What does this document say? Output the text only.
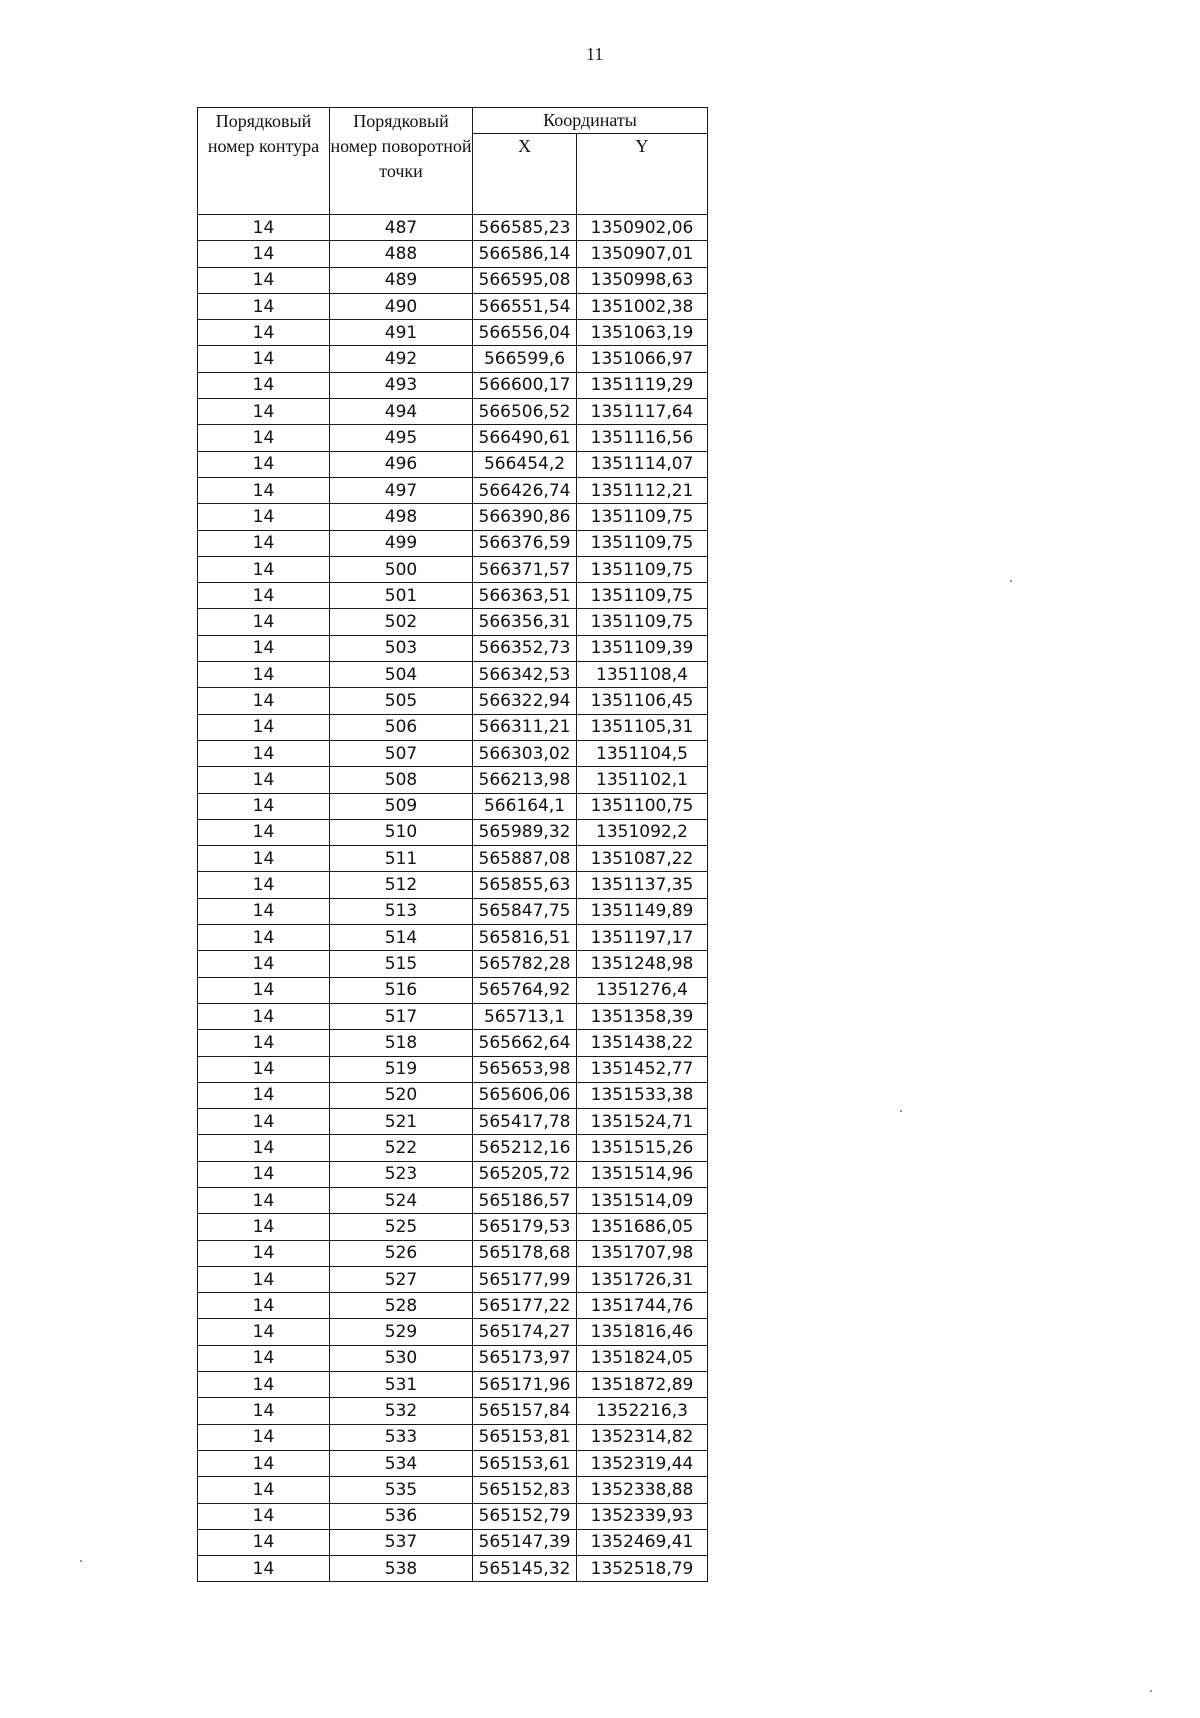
11
Порядковый номер контура	Порядковый номер поворотной точки	Координаты	
		X	Y
14	487	566585,23	1350902,06
14	488	566586,14	1350907,01
14	489	566595,08	1350998,63
14	490	566551,54	1351002,38
14	491	566556,04	1351063,19
14	492	566599,6	1351066,97
14	493	566600,17	1351119,29
14	494	566506,52	1351117,64
14	495	566490,61	1351116,56
14	496	566454,2	1351114,07
14	497	566426,74	1351112,21
14	498	566390,86	1351109,75
14	499	566376,59	1351109,75
14	500	566371,57	1351109,75
14	501	566363,51	1351109,75
14	502	566356,31	1351109,75
14	503	566352,73	1351109,39
14	504	566342,53	1351108,4
14	505	566322,94	1351106,45
14	506	566311,21	1351105,31
14	507	566303,02	1351104,5
14	508	566213,98	1351102,1
14	509	566164,1	1351100,75
14	510	565989,32	1351092,2
14	511	565887,08	1351087,22
14	512	565855,63	1351137,35
14	513	565847,75	1351149,89
14	514	565816,51	1351197,17
14	515	565782,28	1351248,98
14	516	565764,92	1351276,4
14	517	565713,1	1351358,39
14	518	565662,64	1351438,22
14	519	565653,98	1351452,77
14	520	565606,06	1351533,38
14	521	565417,78	1351524,71
14	522	565212,16	1351515,26
14	523	565205,72	1351514,96
14	524	565186,57	1351514,09
14	525	565179,53	1351686,05
14	526	565178,68	1351707,98
14	527	565177,99	1351726,31
14	528	565177,22	1351744,76
14	529	565174,27	1351816,46
14	530	565173,97	1351824,05
14	531	565171,96	1351872,89
14	532	565157,84	1352216,3
14	533	565153,81	1352314,82
14	534	565153,61	1352319,44
14	535	565152,83	1352338,88
14	536	565152,79	1352339,93
14	537	565147,39	1352469,41
14	538	565145,32	1352518,79
